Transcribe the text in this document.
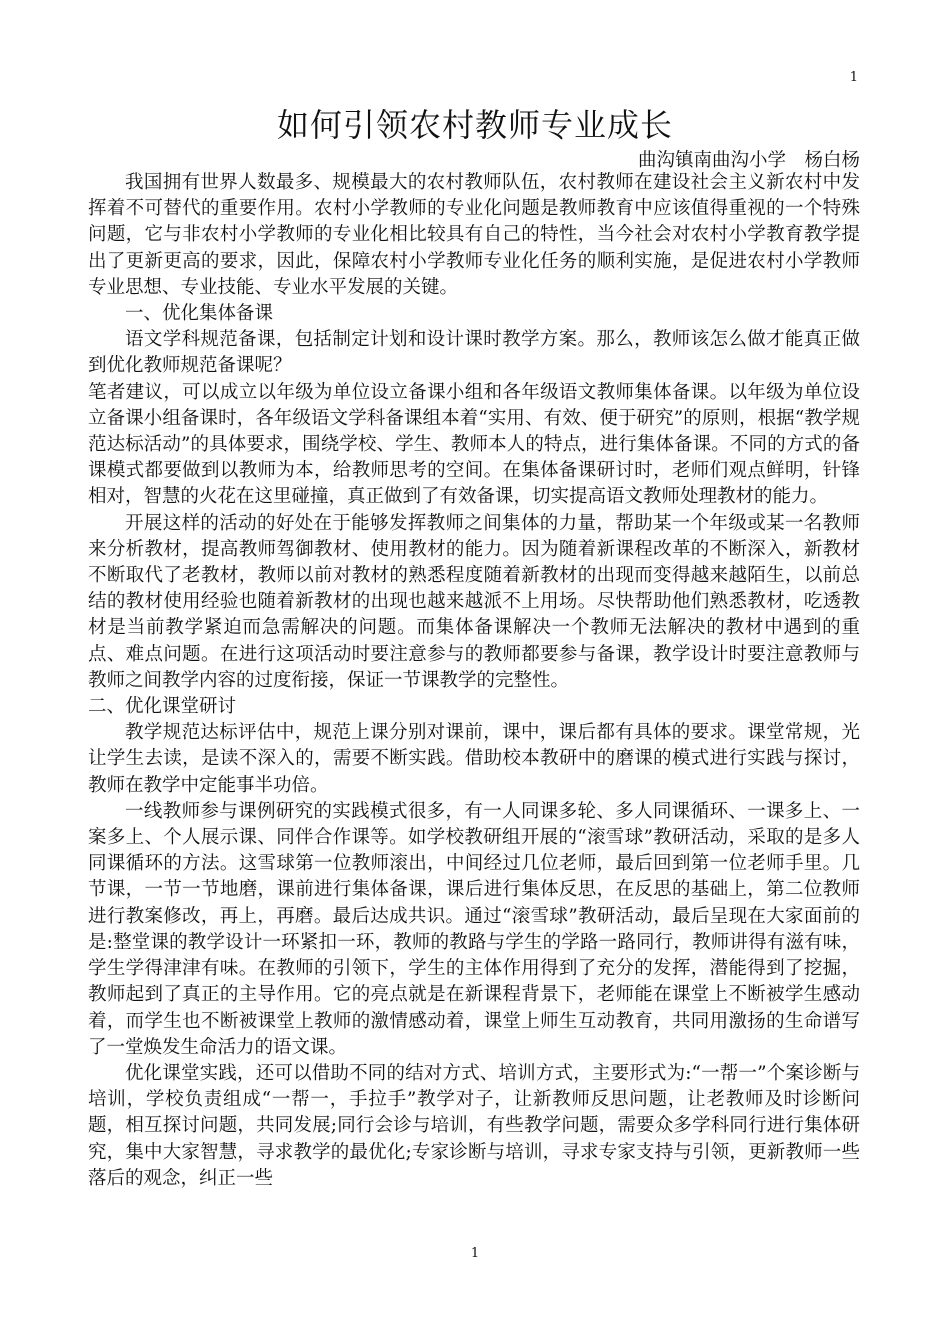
1
如何引领农村教师专业成长
曲沟镇南曲沟小学　杨白杨

我国拥有世界人数最多、规模最大的农村教师队伍，农村教师在建设社会主义新农村中发挥着不可替代的重要作用。农村小学教师的专业化问题是教师教育中应该值得重视的一个特殊问题，它与非农村小学教师的专业化相比较具有自己的特性，当今社会对农村小学教育教学提出了更新更高的要求，因此，保障农村小学教师专业化任务的顺利实施，是促进农村小学教师专业思想、专业技能、专业水平发展的关键。

一、优化集体备课

语文学科规范备课，包括制定计划和设计课时教学方案。那么，教师该怎么做才能真正做到优化教师规范备课呢？

笔者建议，可以成立以年级为单位设立备课小组和各年级语文教师集体备课。以年级为单位设立备课小组备课时，各年级语文学科备课组本着“实用、有效、便于研究”的原则，根据“教学规范达标活动”的具体要求，围绕学校、学生、教师本人的特点，进行集体备课。不同的方式的备课模式都要做到以教师为本，给教师思考的空间。在集体备课研讨时，老师们观点鲜明，针锋相对，智慧的火花在这里碰撞，真正做到了有效备课，切实提高语文教师处理教材的能力。

开展这样的活动的好处在于能够发挥教师之间集体的力量，帮助某一个年级或某一名教师来分析教材，提高教师驾御教材、使用教材的能力。因为随着新课程改革的不断深入，新教材不断取代了老教材，教师以前对教材的熟悉程度随着新教材的出现而变得越来越陌生，以前总结的教材使用经验也随着新教材的出现也越来越派不上用场。尽快帮助他们熟悉教材，吃透教材是当前教学紧迫而急需解决的问题。而集体备课解决一个教师无法解决的教材中遇到的重点、难点问题。在进行这项活动时要注意参与的教师都要参与备课，教学设计时要注意教师与教师之间教学内容的过度衔接，保证一节课教学的完整性。

二、优化课堂研讨

教学规范达标评估中，规范上课分别对课前，课中，课后都有具体的要求。课堂常规，光让学生去读，是读不深入的，需要不断实践。借助校本教研中的磨课的模式进行实践与探讨，教师在教学中定能事半功倍。

一线教师参与课例研究的实践模式很多，有一人同课多轮、多人同课循环、一课多上、一案多上、个人展示课、同伴合作课等。如学校教研组开展的“滚雪球”教研活动，采取的是多人同课循环的方法。这雪球第一位教师滚出，中间经过几位老师，最后回到第一位老师手里。几节课，一节一节地磨，课前进行集体备课，课后进行集体反思，在反思的基础上，第二位教师进行教案修改，再上，再磨。最后达成共识。通过“滚雪球”教研活动，最后呈现在大家面前的是:整堂课的教学设计一环紧扣一环，教师的教路与学生的学路一路同行，教师讲得有滋有味，学生学得津津有味。在教师的引领下，学生的主体作用得到了充分的发挥，潜能得到了挖掘，教师起到了真正的主导作用。它的亮点就是在新课程背景下，老师能在课堂上不断被学生感动着，而学生也不断被课堂上教师的激情感动着，课堂上师生互动教育，共同用激扬的生命谱写了一堂焕发生命活力的语文课。

优化课堂实践，还可以借助不同的结对方式、培训方式，主要形式为:“一帮一”个案诊断与培训，学校负责组成“一帮一，手拉手”教学对子，让新教师反思问题，让老教师及时诊断问题，相互探讨问题，共同发展;同行会诊与培训，有些教学问题，需要众多学科同行进行集体研究，集中大家智慧，寻求教学的最优化;专家诊断与培训，寻求专家支持与引领，更新教师一些落后的观念，纠正一些

1
